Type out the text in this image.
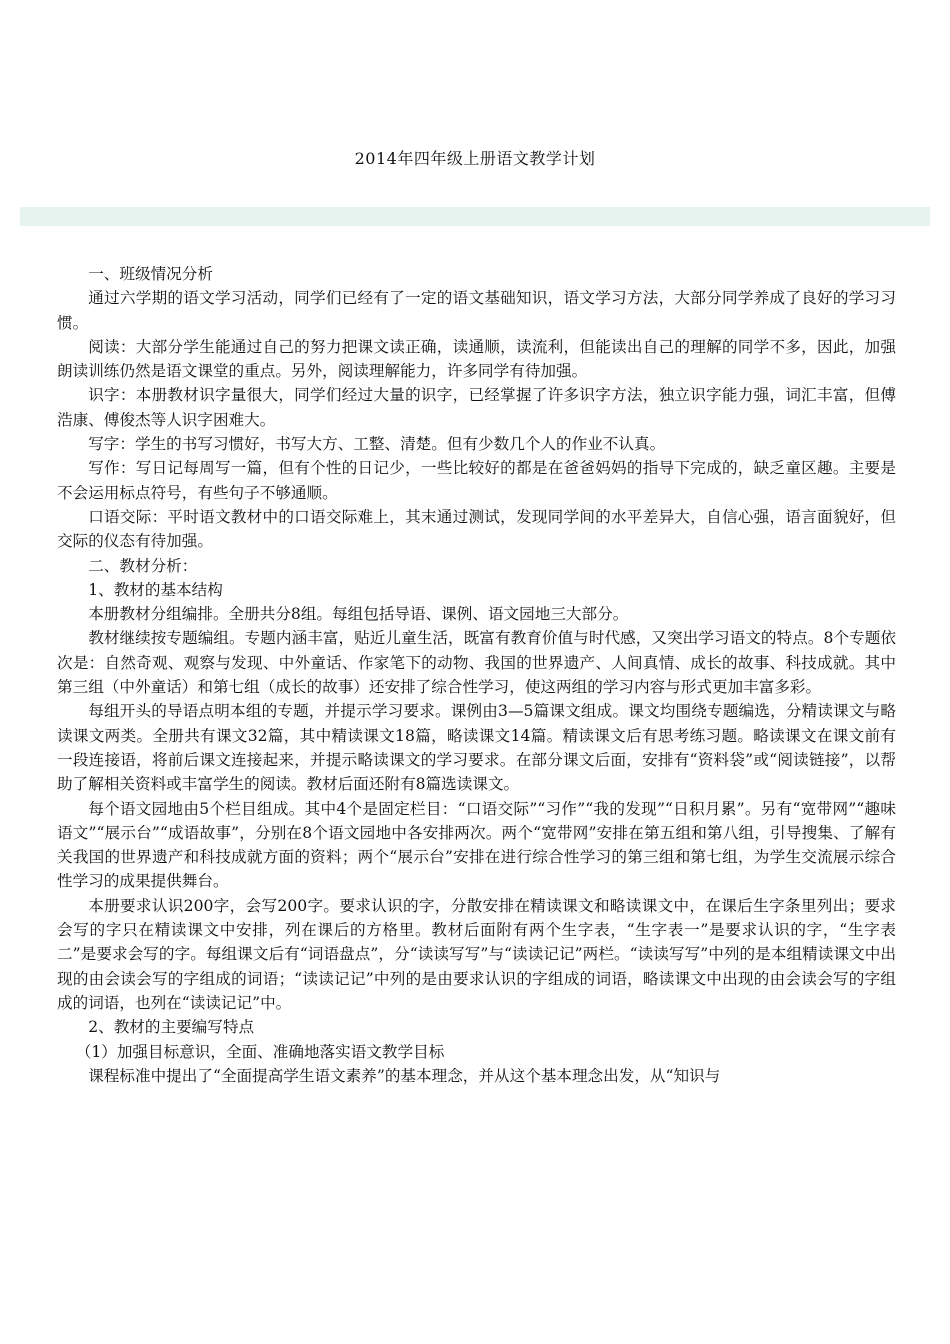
2014年四年级上册语文教学计划

一、班级情况分析

通过六学期的语文学习活动，同学们已经有了一定的语文基础知识，语文学习方法，大部分同学养成了良好的学习习惯。

阅读：大部分学生能通过自己的努力把课文读正确，读通顺，读流利，但能读出自己的理解的同学不多，因此，加强朗读训练仍然是语文课堂的重点。另外，阅读理解能力，许多同学有待加强。

识字：本册教材识字量很大，同学们经过大量的识字，已经掌握了许多识字方法，独立识字能力强，词汇丰富，但傅浩康、傅俊杰等人识字困难大。

写字：学生的书写习惯好，书写大方、工整、清楚。但有少数几个人的作业不认真。

写作：写日记每周写一篇，但有个性的日记少，一些比较好的都是在爸爸妈妈的指导下完成的，缺乏童区趣。主要是不会运用标点符号，有些句子不够通顺。

口语交际：平时语文教材中的口语交际难上，其末通过测试，发现同学间的水平差异大，自信心强，语言面貌好，但交际的仪态有待加强。

二、教材分析：

1、教材的基本结构

本册教材分组编排。全册共分8组。每组包括导语、课例、语文园地三大部分。

教材继续按专题编组。专题内涵丰富，贴近儿童生活，既富有教育价值与时代感，又突出学习语文的特点。8个专题依次是：自然奇观、观察与发现、中外童话、作家笔下的动物、我国的世界遗产、人间真情、成长的故事、科技成就。其中第三组（中外童话）和第七组（成长的故事）还安排了综合性学习，使这两组的学习内容与形式更加丰富多彩。

每组开头的导语点明本组的专题，并提示学习要求。课例由3—5篇课文组成。课文均围绕专题编选，分精读课文与略读课文两类。全册共有课文32篇，其中精读课文18篇，略读课文14篇。精读课文后有思考练习题。略读课文在课文前有一段连接语，将前后课文连接起来，并提示略读课文的学习要求。在部分课文后面，安排有“资料袋”或“阅读链接”，以帮助了解相关资料或丰富学生的阅读。教材后面还附有8篇选读课文。

每个语文园地由5个栏目组成。其中4个是固定栏目：“口语交际”“习作”“我的发现”“日积月累”。另有“宽带网”“趣味语文”“展示台”“成语故事”，分别在8个语文园地中各安排两次。两个“宽带网”安排在第五组和第八组，引导搜集、了解有关我国的世界遗产和科技成就方面的资料；两个“展示台”安排在进行综合性学习的第三组和第七组，为学生交流展示综合性学习的成果提供舞台。

本册要求认识200字，会写200字。要求认识的字，分散安排在精读课文和略读课文中，在课后生字条里列出；要求会写的字只在精读课文中安排，列在课后的方格里。教材后面附有两个生字表，“生字表一”是要求认识的字，“生字表二”是要求会写的字。每组课文后有“词语盘点”，分“读读写写”与“读读记记”两栏。“读读写写”中列的是本组精读课文中出现的由会读会写的字组成的词语；“读读记记”中列的是由要求认识的字组成的词语，略读课文中出现的由会读会写的字组成的词语，也列在“读读记记”中。

2、教材的主要编写特点

（1）加强目标意识，全面、准确地落实语文教学目标

课程标准中提出了“全面提高学生语文素养”的基本理念，并从这个基本理念出发，从“知识与
